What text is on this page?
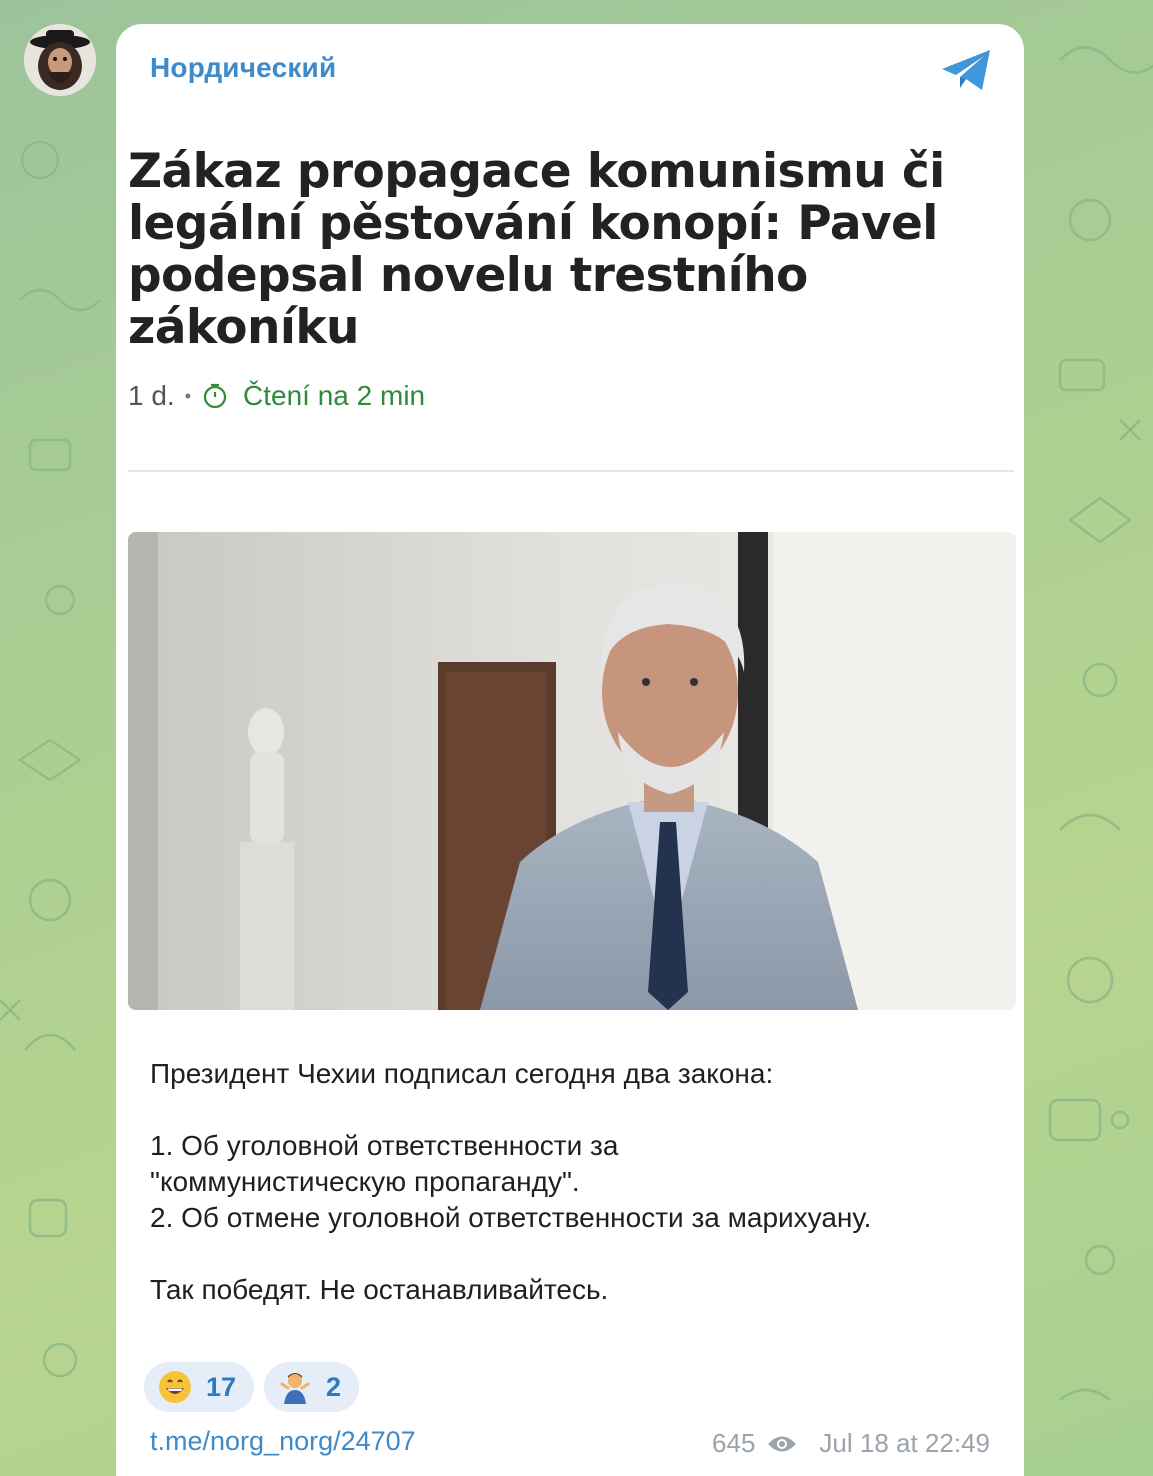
Нордический
Zákaz propagace komunismu či legální pěstování konopí: Pavel podepsal novelu trestního zákoníku
1 d. • Čtení na 2 min

Президент Чехии подписал сегодня два закона:

1. Об уголовной ответственности за

"коммунистическую пропаганду".

2. Об отмене уголовной ответственности за марихуану.

Так победят. Не останавливайтесь.

17	2
t.me/norg_norg/24707	645 Jul 18 at 22:49
